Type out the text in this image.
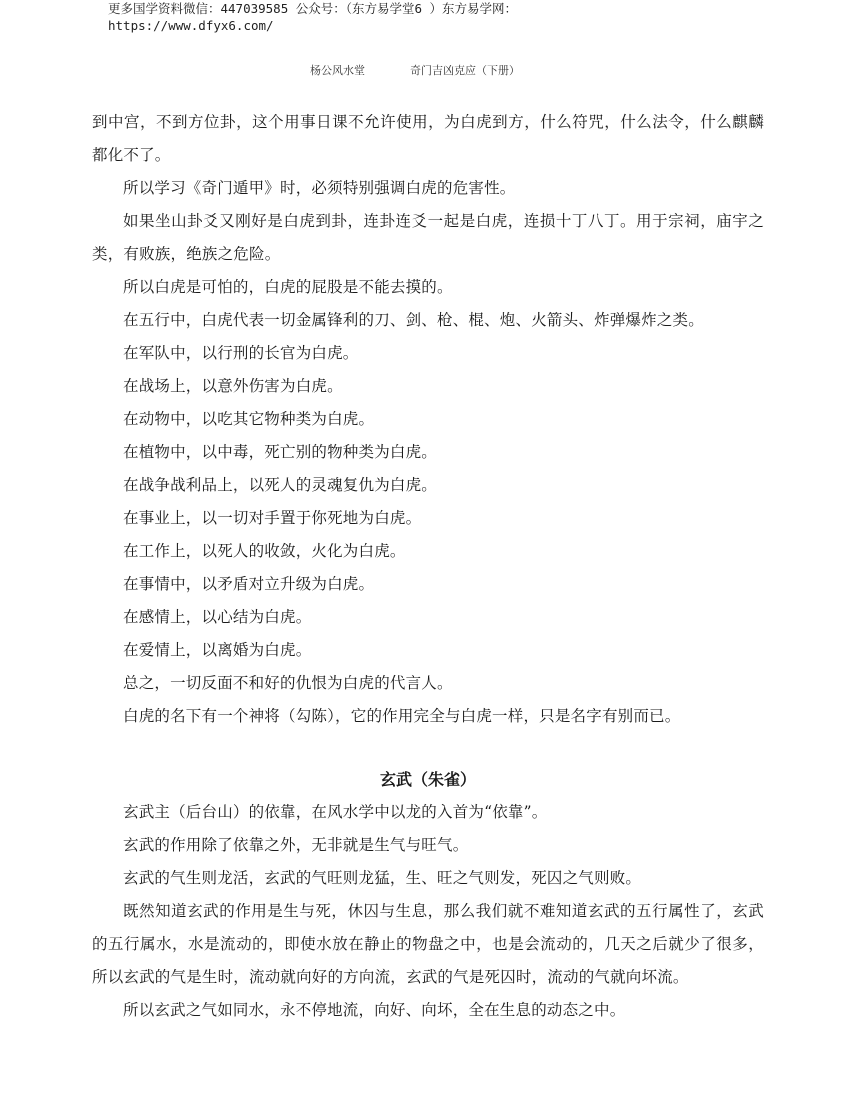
更多国学资料微信：447039585 公众号：（东方易学堂6 ）东方易学网：
https://www.dfyx6.com/
杨公风水堂	奇门吉凶克应（下册）

到中宫，不到方位卦，这个用事日课不允许使用，为白虎到方，什么符咒，什么法令，什么麒麟都化不了。

所以学习《奇门遁甲》时，必须特别强调白虎的危害性。

如果坐山卦爻又刚好是白虎到卦，连卦连爻一起是白虎，连损十丁八丁。用于宗祠，庙宇之类，有败族，绝族之危险。

所以白虎是可怕的，白虎的屁股是不能去摸的。

在五行中，白虎代表一切金属锋利的刀、剑、枪、棍、炮、火箭头、炸弹爆炸之类。

在军队中，以行刑的长官为白虎。

在战场上，以意外伤害为白虎。

在动物中，以吃其它物种类为白虎。

在植物中，以中毒，死亡别的物种类为白虎。

在战争战利品上，以死人的灵魂复仇为白虎。

在事业上，以一切对手置于你死地为白虎。

在工作上，以死人的收敛，火化为白虎。

在事情中，以矛盾对立升级为白虎。

在感情上，以心结为白虎。

在爱情上，以离婚为白虎。

总之，一切反面不和好的仇恨为白虎的代言人。

白虎的名下有一个神将（勾陈），它的作用完全与白虎一样，只是名字有别而已。

玄武（朱雀）

玄武主（后台山）的依靠，在风水学中以龙的入首为“依靠”。

玄武的作用除了依靠之外，无非就是生气与旺气。

玄武的气生则龙活，玄武的气旺则龙猛，生、旺之气则发，死囚之气则败。

既然知道玄武的作用是生与死，休囚与生息，那么我们就不难知道玄武的五行属性了，玄武的五行属水，水是流动的，即使水放在静止的物盘之中，也是会流动的，几天之后就少了很多，所以玄武的气是生时，流动就向好的方向流，玄武的气是死囚时，流动的气就向坏流。

所以玄武之气如同水，永不停地流，向好、向坏，全在生息的动态之中。
